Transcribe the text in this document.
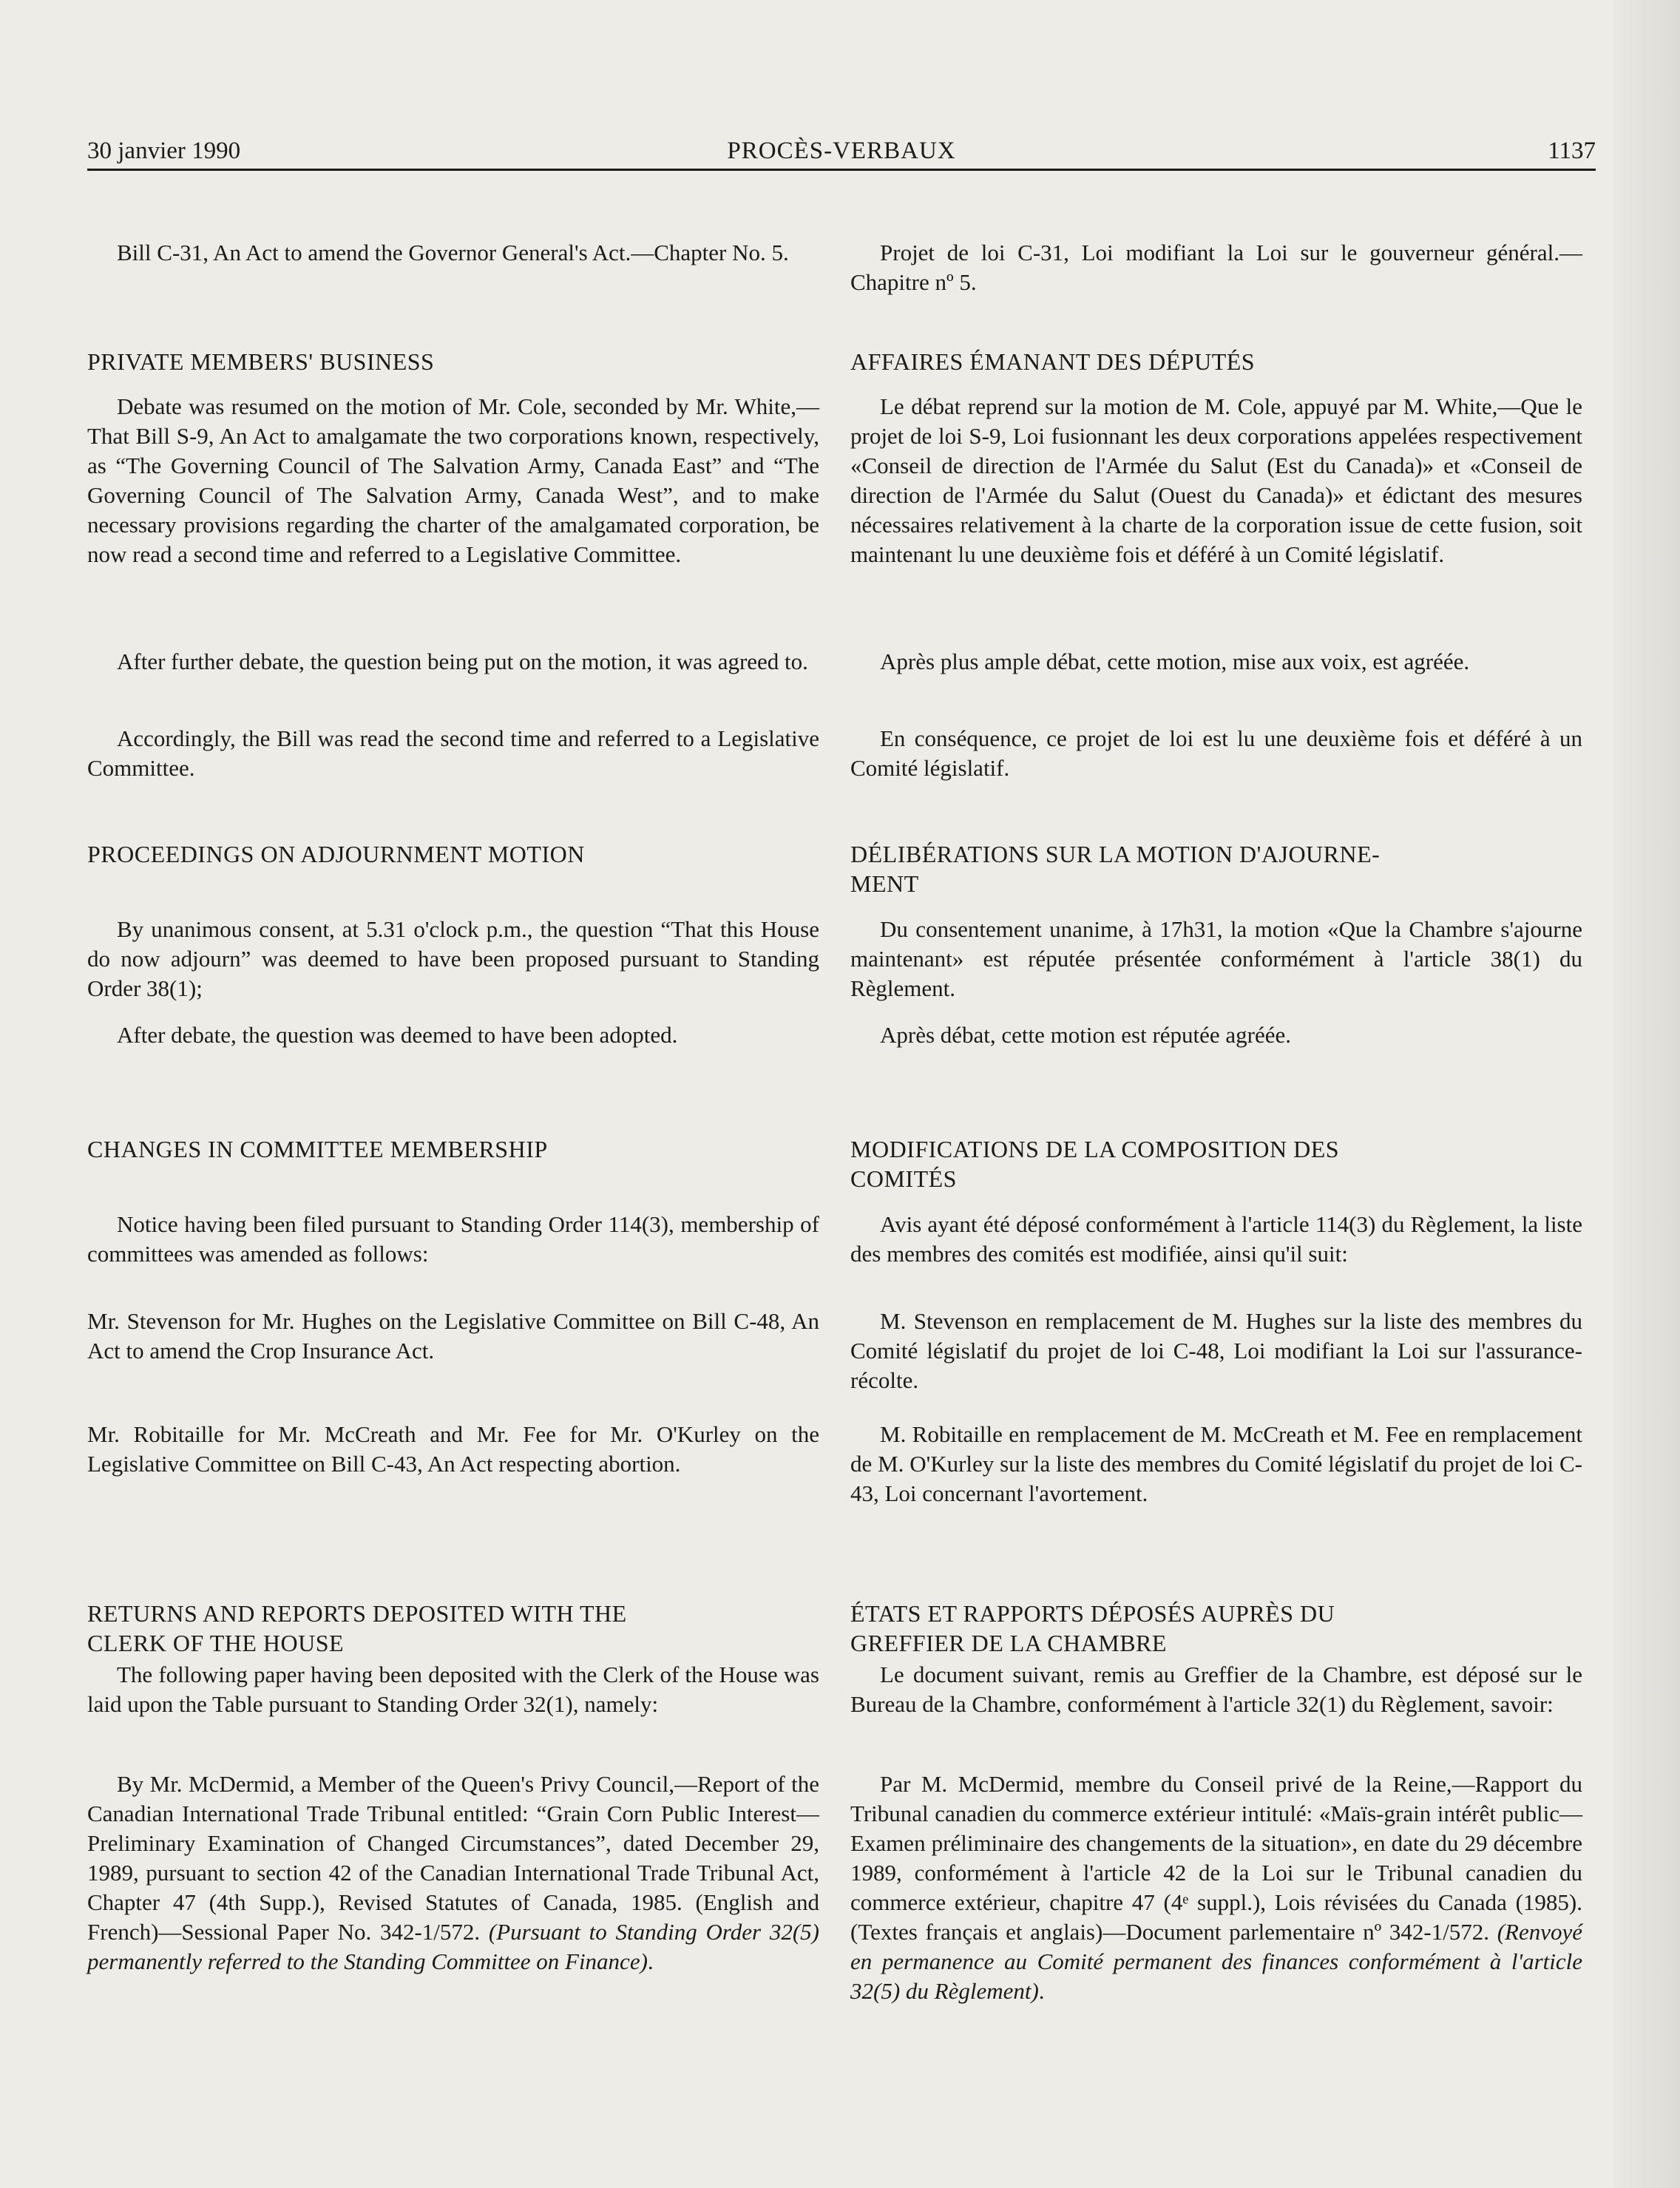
30 janvier 1990	PROCÈS-VERBAUX	1137

Bill C-31, An Act to amend the Governor General's Act.—Chapter No. 5.

PRIVATE MEMBERS' BUSINESS

Debate was resumed on the motion of Mr. Cole, seconded by Mr. White,—That Bill S-9, An Act to amalgamate the two corporations known, respectively, as “The Governing Council of The Salvation Army, Canada East” and “The Governing Council of The Salvation Army, Canada West”, and to make necessary provisions regarding the charter of the amalgamated corporation, be now read a second time and referred to a Legislative Committee.

After further debate, the question being put on the motion, it was agreed to.

Accordingly, the Bill was read the second time and referred to a Legislative Committee.

PROCEEDINGS ON ADJOURNMENT MOTION

By unanimous consent, at 5.31 o'clock p.m., the question “That this House do now adjourn” was deemed to have been proposed pursuant to Standing Order 38(1);

After debate, the question was deemed to have been adopted.

CHANGES IN COMMITTEE MEMBERSHIP

Notice having been filed pursuant to Standing Order 114(3), membership of committees was amended as follows:

Mr. Stevenson for Mr. Hughes on the Legislative Committee on Bill C-48, An Act to amend the Crop Insurance Act.

Mr. Robitaille for Mr. McCreath and Mr. Fee for Mr. O'Kurley on the Legislative Committee on Bill C-43, An Act respecting abortion.

RETURNS AND REPORTS DEPOSITED WITH THE
CLERK OF THE HOUSE

The following paper having been deposited with the Clerk of the House was laid upon the Table pursuant to Standing Order 32(1), namely:

By Mr. McDermid, a Member of the Queen's Privy Council,—Report of the Canadian International Trade Tribunal entitled: “Grain Corn Public Interest—Preliminary Examination of Changed Circumstances”, dated December 29, 1989, pursuant to section 42 of the Canadian International Trade Tribunal Act, Chapter 47 (4th Supp.), Revised Statutes of Canada, 1985. (English and French)—Sessional Paper No. 342-1/572. (Pursuant to Standing Order 32(5) permanently referred to the Standing Committee on Finance).

Projet de loi C-31, Loi modifiant la Loi sur le gouverneur général.—Chapitre nº 5.

AFFAIRES ÉMANANT DES DÉPUTÉS

Le débat reprend sur la motion de M. Cole, appuyé par M. White,—Que le projet de loi S-9, Loi fusionnant les deux corporations appelées respectivement «Conseil de direction de l'Armée du Salut (Est du Canada)» et «Conseil de direction de l'Armée du Salut (Ouest du Canada)» et édictant des mesures nécessaires relativement à la charte de la corporation issue de cette fusion, soit maintenant lu une deuxième fois et déféré à un Comité législatif.

Après plus ample débat, cette motion, mise aux voix, est agréée.

En conséquence, ce projet de loi est lu une deuxième fois et déféré à un Comité législatif.

DÉLIBÉRATIONS SUR LA MOTION D'AJOURNE-
MENT

Du consentement unanime, à 17h31, la motion «Que la Chambre s'ajourne maintenant» est réputée présentée conformément à l'article 38(1) du Règlement.

Après débat, cette motion est réputée agréée.

MODIFICATIONS DE LA COMPOSITION DES
COMITÉS

Avis ayant été déposé conformément à l'article 114(3) du Règlement, la liste des membres des comités est modifiée, ainsi qu'il suit:

M. Stevenson en remplacement de M. Hughes sur la liste des membres du Comité législatif du projet de loi C-48, Loi modifiant la Loi sur l'assurance-récolte.

M. Robitaille en remplacement de M. McCreath et M. Fee en remplacement de M. O'Kurley sur la liste des membres du Comité législatif du projet de loi C-43, Loi concernant l'avortement.

ÉTATS ET RAPPORTS DÉPOSÉS AUPRÈS DU
GREFFIER DE LA CHAMBRE

Le document suivant, remis au Greffier de la Chambre, est déposé sur le Bureau de la Chambre, conformément à l'article 32(1) du Règlement, savoir:

Par M. McDermid, membre du Conseil privé de la Reine,—Rapport du Tribunal canadien du commerce extérieur intitulé: «Maïs-grain intérêt public—Examen préliminaire des changements de la situation», en date du 29 décembre 1989, conformément à l'article 42 de la Loi sur le Tribunal canadien du commerce extérieur, chapitre 47 (4ᵉ suppl.), Lois révisées du Canada (1985). (Textes français et anglais)—Document parlementaire nº 342-1/572. (Renvoyé en permanence au Comité permanent des finances conformément à l'article 32(5) du Règlement).
